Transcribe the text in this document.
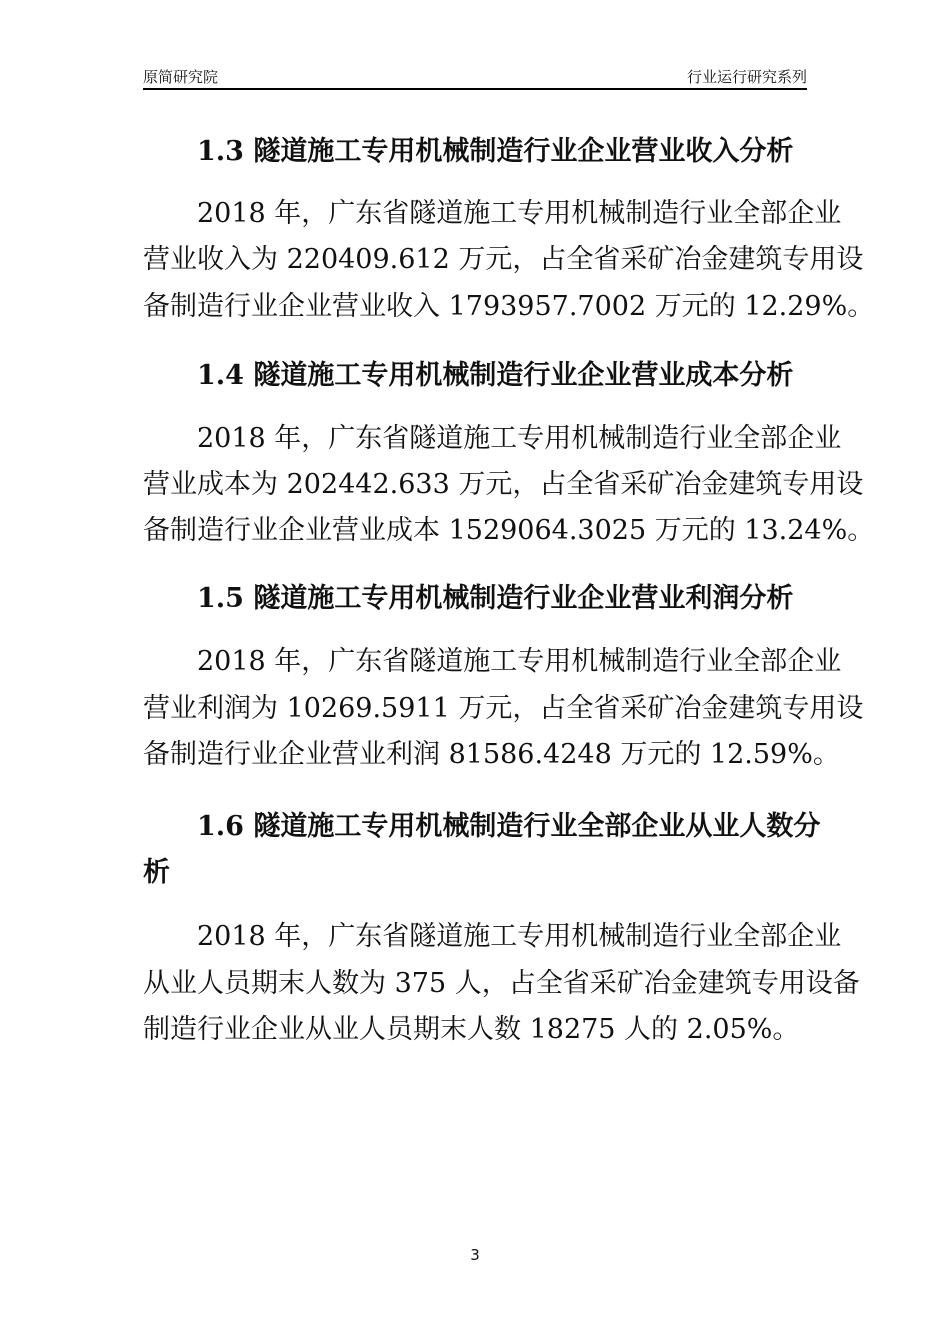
原简研究院	行业运行研究系列
1.3 隧道施工专用机械制造行业企业营业收入分析
2018 年，广东省隧道施工专用机械制造行业全部企业
营业收入为 220409.612 万元，占全省采矿冶金建筑专用设
备制造行业企业营业收入 1793957.7002 万元的 12.29%。
1.4 隧道施工专用机械制造行业企业营业成本分析
2018 年，广东省隧道施工专用机械制造行业全部企业
营业成本为 202442.633 万元，占全省采矿冶金建筑专用设
备制造行业企业营业成本 1529064.3025 万元的 13.24%。
1.5 隧道施工专用机械制造行业企业营业利润分析
2018 年，广东省隧道施工专用机械制造行业全部企业
营业利润为 10269.5911 万元，占全省采矿冶金建筑专用设
备制造行业企业营业利润 81586.4248 万元的 12.59%。
1.6 隧道施工专用机械制造行业全部企业从业人数分
析
2018 年，广东省隧道施工专用机械制造行业全部企业
从业人员期末人数为 375 人，占全省采矿冶金建筑专用设备
制造行业企业从业人员期末人数 18275 人的 2.05%。
3
